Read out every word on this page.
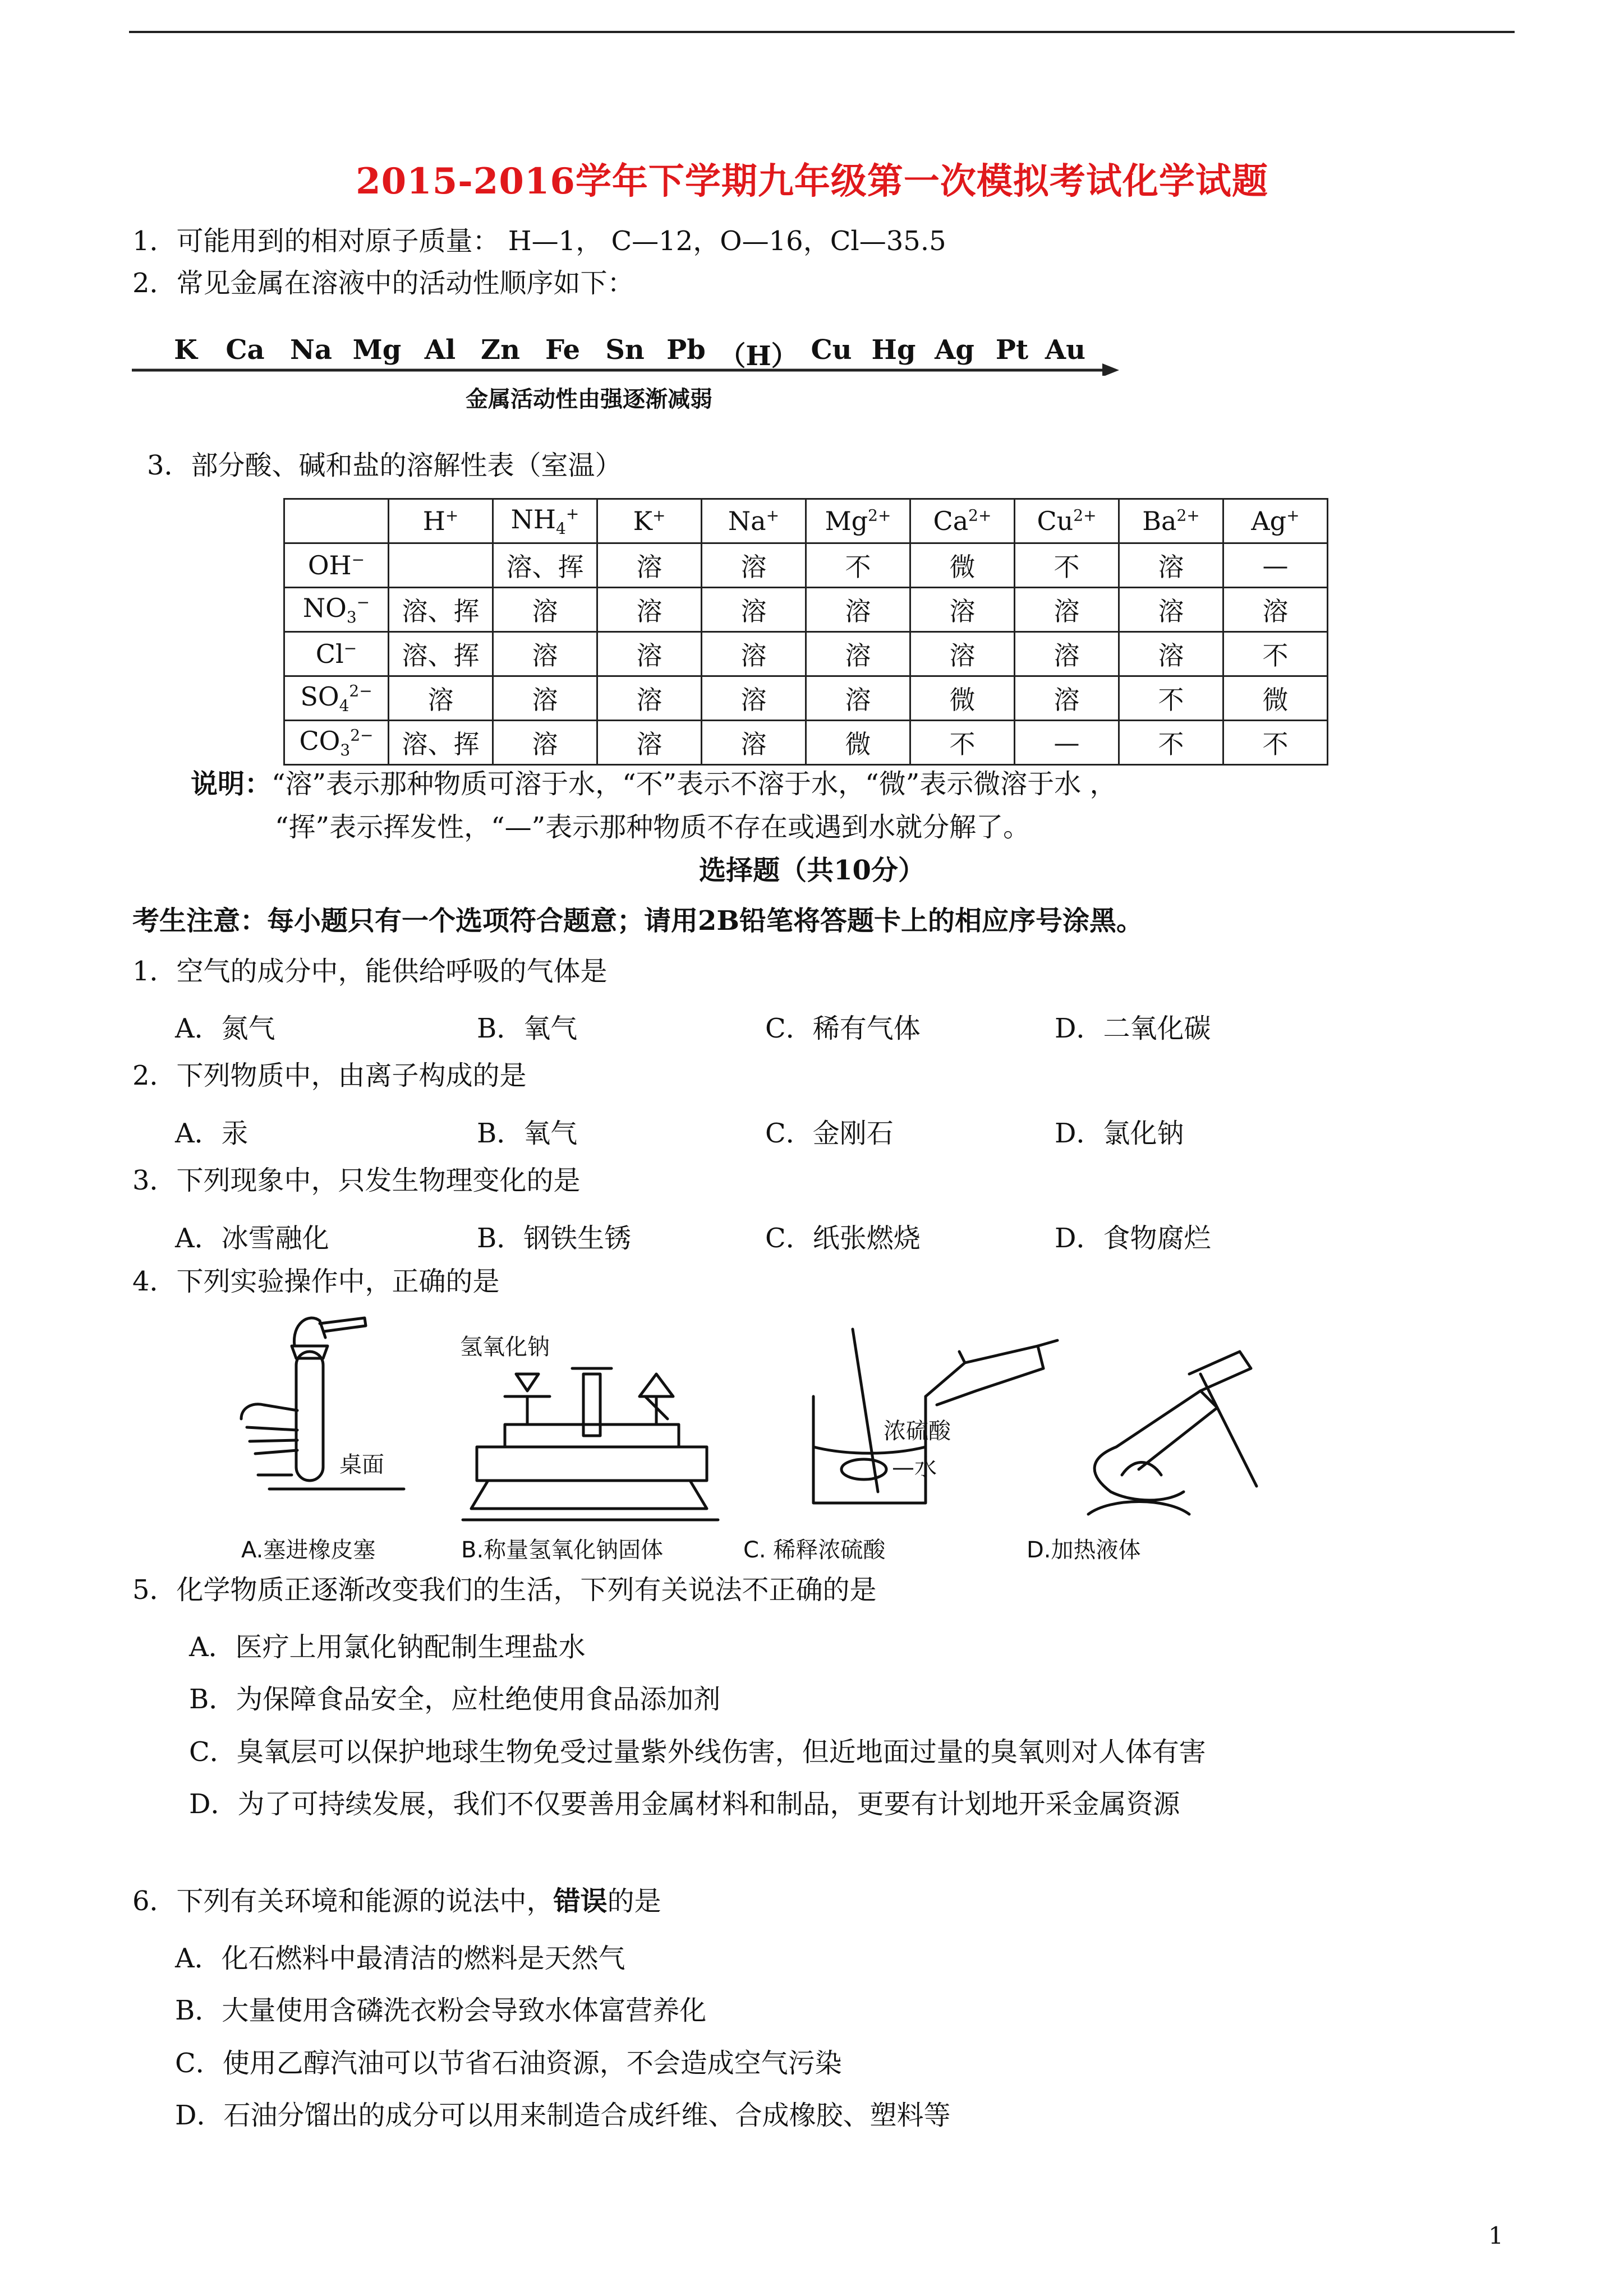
2015-2016学年下学期九年级第一次模拟考试化学试题
1．可能用到的相对原子质量： H—1， C—12，O—16，Cl—35.5
2．常见金属在溶液中的活动性顺序如下：
K	Ca Na Mg Al Zn Fe Sn Pb （H） Cu Hg Ag Pt Au
金属活动性由强逐渐减弱
3．部分酸、碱和盐的溶解性表（室温）
	H+	$NH_4^+$	K+	Na+	$Mg^{2+}$	$Ca^{2+}$	$Cu^{2+}$	$Ba^{2+}$	Ag+
OH−		溶、挥	溶	溶	不	微	不	溶	—
$NO_3^-$	溶、挥	溶	溶	溶	溶	溶	溶	溶	溶
Cl−	溶、挥	溶	溶	溶	溶	溶	溶	溶	不
$SO_4^{2-}$	溶	溶	溶	溶	溶	微	溶	不	微
$CO_3^{2-}$	溶、挥	溶	溶	溶	微	不	—	不	不
说明：“溶”表示那种物质可溶于水，“不”表示不溶于水，“微”表示微溶于水 ，
“挥”表示挥发性，“—”表示那种物质不存在或遇到水就分解了。
选择题（共10分）
考生注意：每小题只有一个选项符合题意；请用2B铅笔将答题卡上的相应序号涂黑。
1．空气的成分中，能供给呼吸的气体是
A．氮气	B．氧气	C．稀有气体	D．二氧化碳
2．下列物质中，由离子构成的是
A．汞	B．氧气	C．金刚石	D．氯化钠
3．下列现象中，只发生物理变化的是
A．冰雪融化	B．钢铁生锈	C．纸张燃烧	D．食物腐烂
4．下列实验操作中，正确的是
桌面
氢氧化钠
浓硫酸
—水
A.塞进橡皮塞	B.称量氢氧化钠固体	C. 稀释浓硫酸	D.加热液体
5．化学物质正逐渐改变我们的生活，下列有关说法不正确的是
A．医疗上用氯化钠配制生理盐水
B．为保障食品安全，应杜绝使用食品添加剂
C．臭氧层可以保护地球生物免受过量紫外线伤害，但近地面过量的臭氧则对人体有害
D．为了可持续发展，我们不仅要善用金属材料和制品，更要有计划地开采金属资源
6．下列有关环境和能源的说法中，错误的是
A．化石燃料中最清洁的燃料是天然气
B．大量使用含磷洗衣粉会导致水体富营养化
C．使用乙醇汽油可以节省石油资源，不会造成空气污染
D．石油分馏出的成分可以用来制造合成纤维、合成橡胶、塑料等
1
